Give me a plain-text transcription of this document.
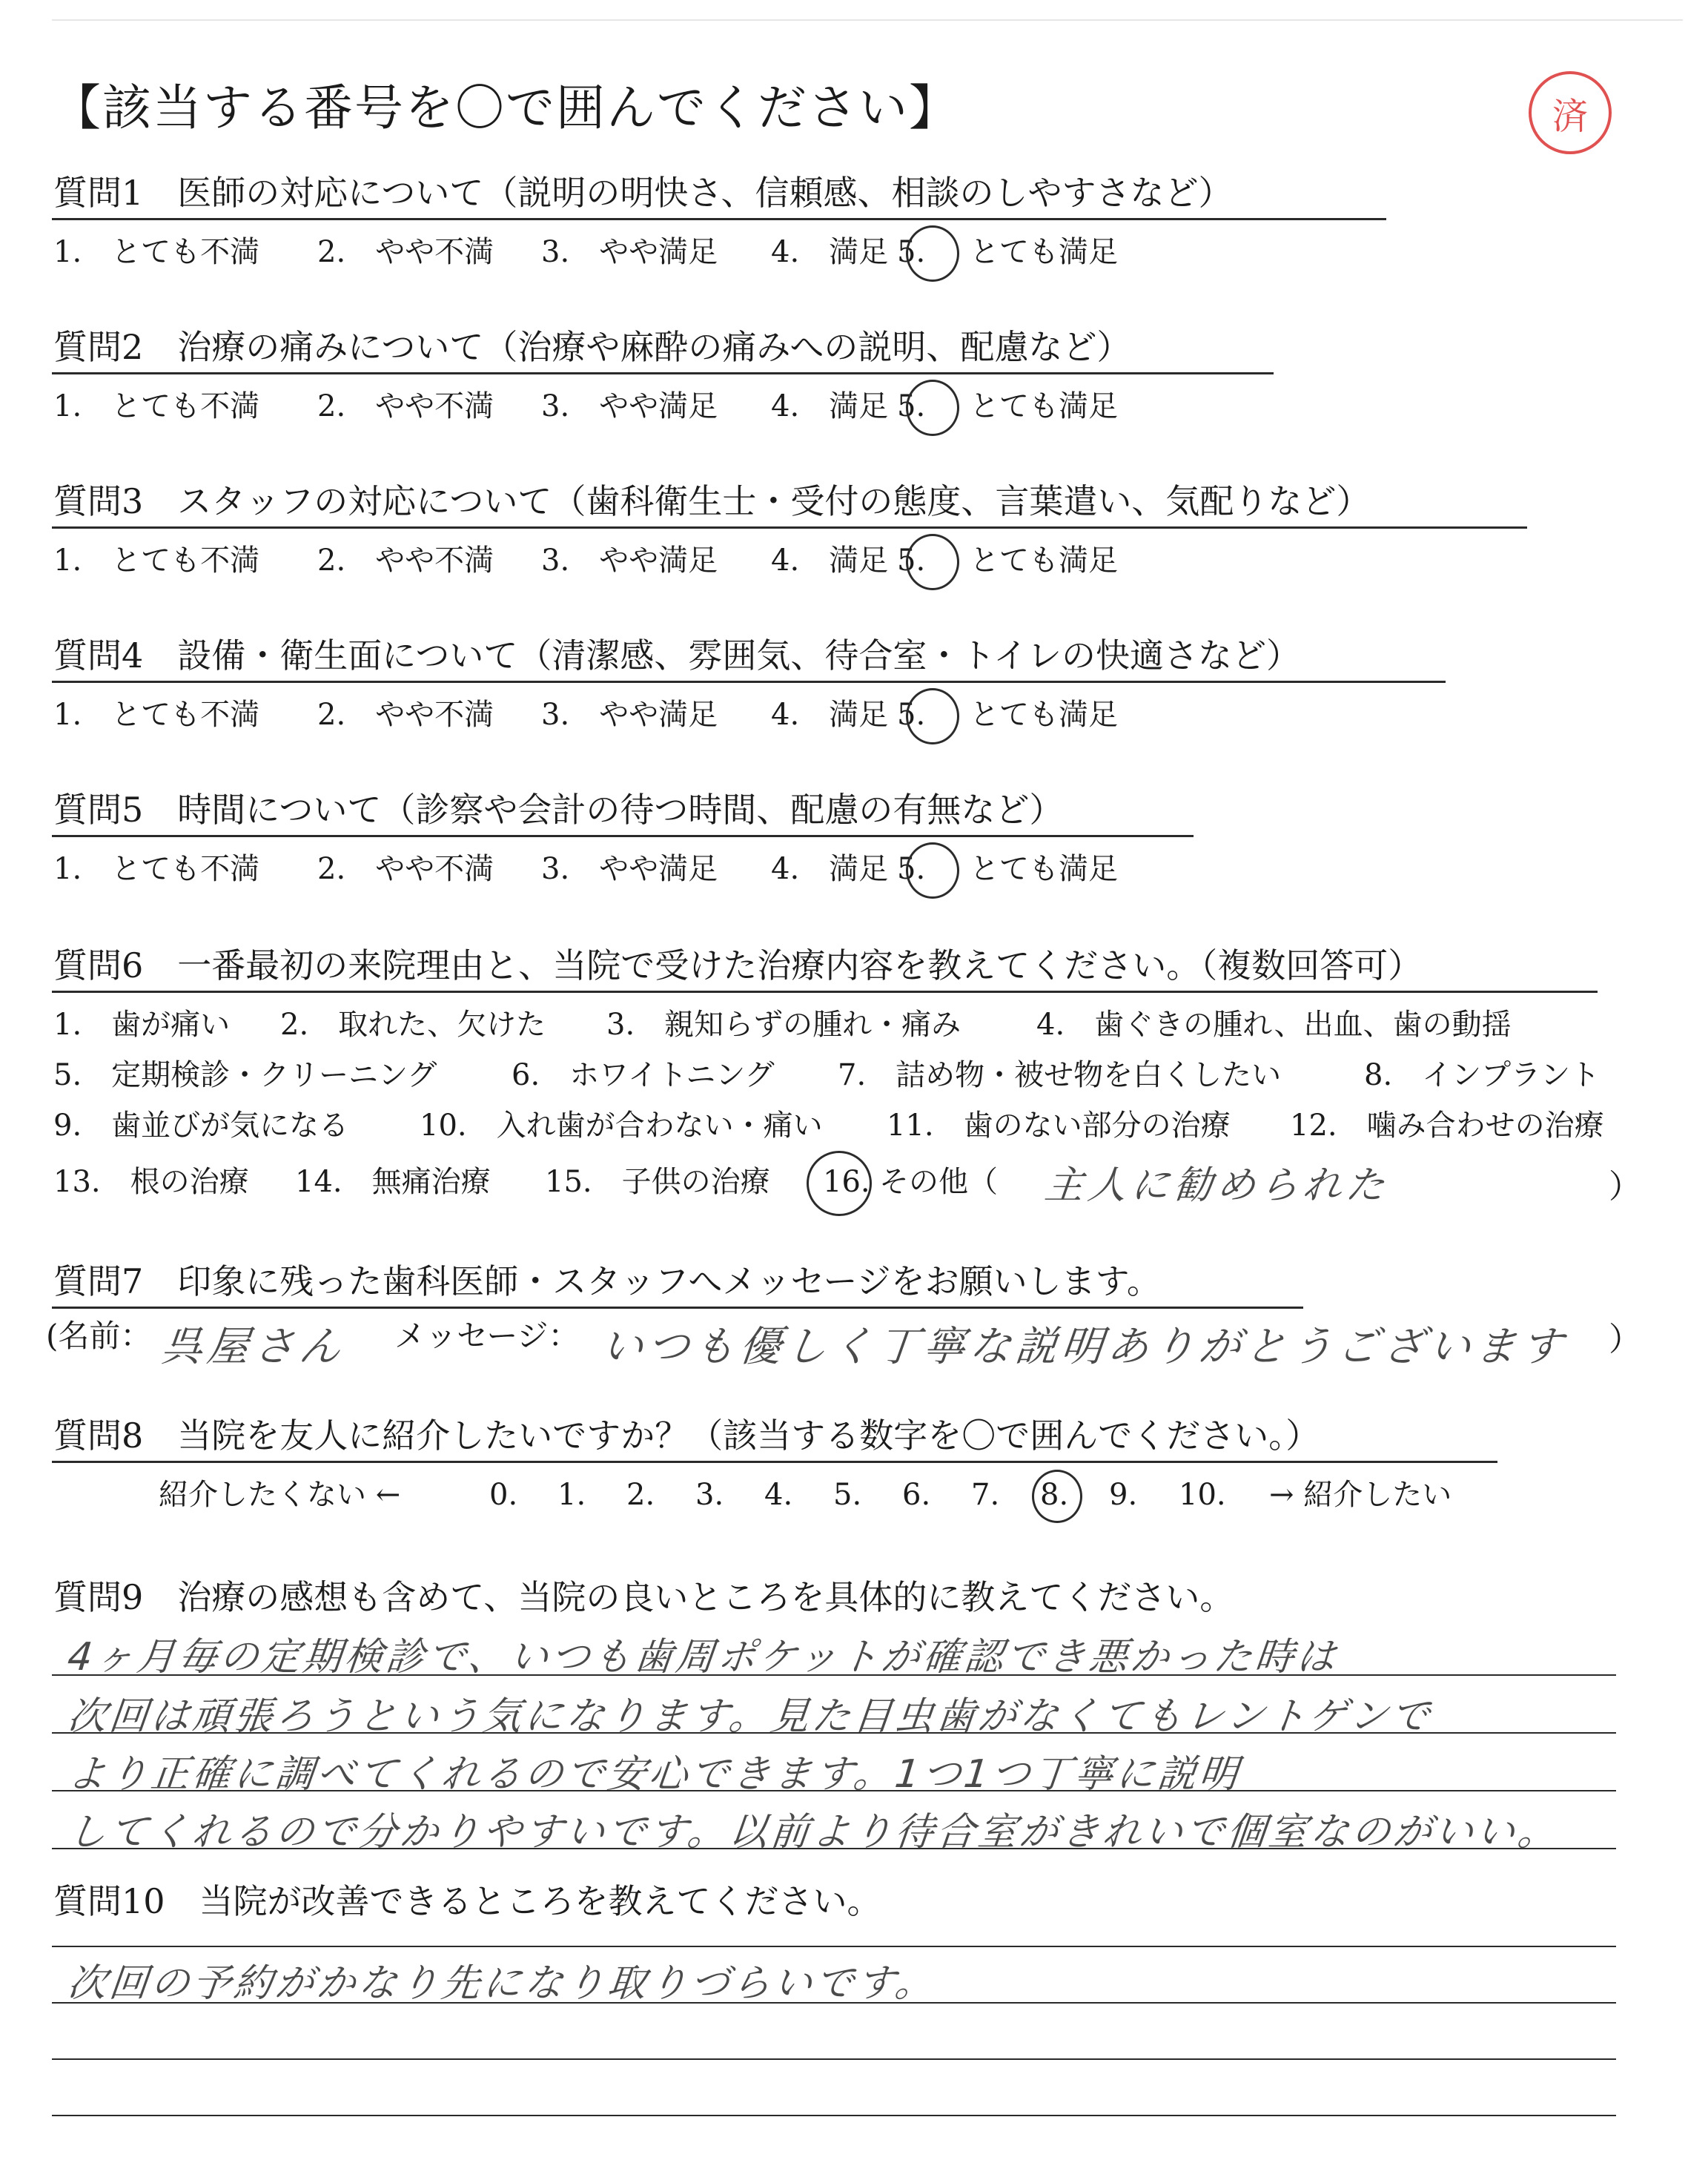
済
【該当する番号を〇で囲んでください】
質問1　医師の対応について（説明の明快さ、信頼感、相談のしやすさなど）
1.　とても不満 2.　やや不満 3.　やや満足 4.　満足 5. とても満足
質問2　治療の痛みについて（治療や麻酔の痛みへの説明、配慮など）
1.　とても不満 2.　やや不満 3.　やや満足 4.　満足 5. とても満足
質問3　スタッフの対応について（歯科衛生士・受付の態度、言葉遣い、気配りなど）
1.　とても不満 2.　やや不満 3.　やや満足 4.　満足 5. とても満足
質問4　設備・衛生面について（清潔感、雰囲気、待合室・トイレの快適さなど）
1.　とても不満 2.　やや不満 3.　やや満足 4.　満足 5. とても満足
質問5　時間について（診察や会計の待つ時間、配慮の有無など）
1.　とても不満 2.　やや不満 3.　やや満足 4.　満足 5. とても満足
質問6　一番最初の来院理由と、当院で受けた治療内容を教えてください。（複数回答可）
1.　歯が痛い 2.　取れた、欠けた 3.　親知らずの腫れ・痛み	4.　歯ぐきの腫れ、出血、歯の動揺
5.　定期検診・クリーニング	6.　ホワイトニング 7.　詰め物・被せ物を白くしたい	8.　インプラント
9.　歯並びが気になる 10.　入れ歯が合わない・痛い 11.　歯のない部分の治療 12.　噛み合わせの治療
13.　根の治療 14.　無痛治療 15.　子供の治療 16. その他（ 主人に勧められた	）
質問7　印象に残った歯科医師・スタッフへメッセージをお願いします。
(名前： 呉屋さん メッセージ： いつも優しく丁寧な説明ありがとうございます ）
質問8　当院を友人に紹介したいですか？（該当する数字を〇で囲んでください。）
紹介したくない ←	0. 1. 2. 3. 4. 5. 6. 7. 8. 9. 10. → 紹介したい
質問9　治療の感想も含めて、当院の良いところを具体的に教えてください。
4ヶ月毎の定期検診で、いつも歯周ポケットが確認でき悪かった時は
次回は頑張ろうという気になります。見た目虫歯がなくてもレントゲンで
より正確に調べてくれるので安心できます。1つ1つ丁寧に説明
してくれるので分かりやすいです。以前より待合室がきれいで個室なのがいい。
質問10　当院が改善できるところを教えてください。
次回の予約がかなり先になり取りづらいです。
